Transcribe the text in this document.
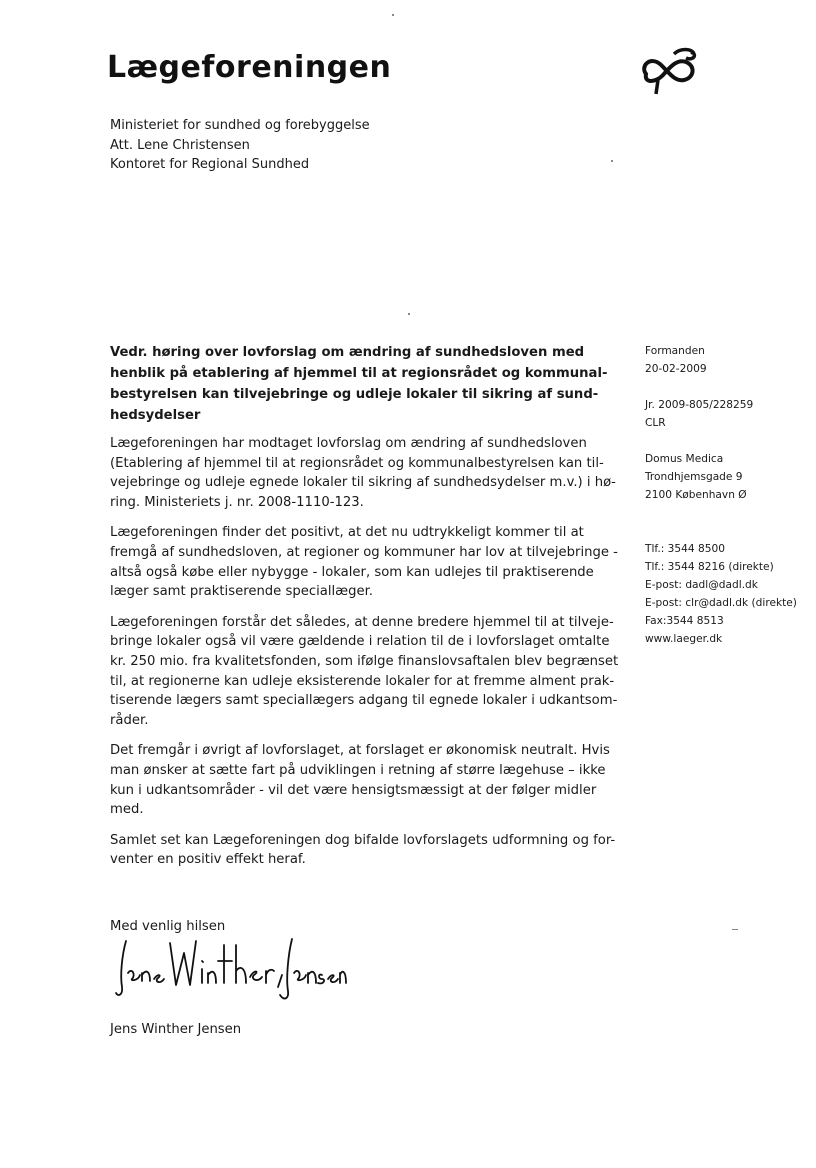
Lægeforeningen
Ministeriet for sundhed og forebyggelse
Att. Lene Christensen
Kontoret for Regional Sundhed
Vedr. høring over lovforslag om ændring af sundhedsloven med
henblik på etablering af hjemmel til at regionsrådet og kommunal-
bestyrelsen kan tilvejebringe og udleje lokaler til sikring af sund-
hedsydelser
Lægeforeningen har modtaget lovforslag om ændring af sundhedsloven
(Etablering af hjemmel til at regionsrådet og kommunalbestyrelsen kan til-
vejebringe og udleje egnede lokaler til sikring af sundhedsydelser m.v.) i hø-
ring. Ministeriets j. nr. 2008-1110-123.
Lægeforeningen finder det positivt, at det nu udtrykkeligt kommer til at
fremgå af sundhedsloven, at regioner og kommuner har lov at tilvejebringe -
altså også købe eller nybygge - lokaler, som kan udlejes til praktiserende
læger samt praktiserende speciallæger.
Lægeforeningen forstår det således, at denne bredere hjemmel til at tilveje-
bringe lokaler også vil være gældende i relation til de i lovforslaget omtalte
kr. 250 mio. fra kvalitetsfonden, som ifølge finanslovsaftalen blev begrænset
til, at regionerne kan udleje eksisterende lokaler for at fremme alment prak-
tiserende lægers samt speciallægers adgang til egnede lokaler i udkantsom-
råder.
Det fremgår i øvrigt af lovforslaget, at forslaget er økonomisk neutralt. Hvis
man ønsker at sætte fart på udviklingen i retning af større lægehuse – ikke
kun i udkantsområder - vil det være hensigtsmæssigt at der følger midler
med.
Samlet set kan Lægeforeningen dog bifalde lovforslagets udformning og for-
venter en positiv effekt heraf.
Med venlig hilsen
Jens Winther Jensen
Formanden
20-02-2009
Jr. 2009-805/228259
CLR
Domus Medica
Trondhjemsgade 9
2100 København Ø
Tlf.: 3544 8500
Tlf.: 3544 8216 (direkte)
E-post: dadl@dadl.dk
E-post: clr@dadl.dk (direkte)
Fax:3544 8513
www.laeger.dk
